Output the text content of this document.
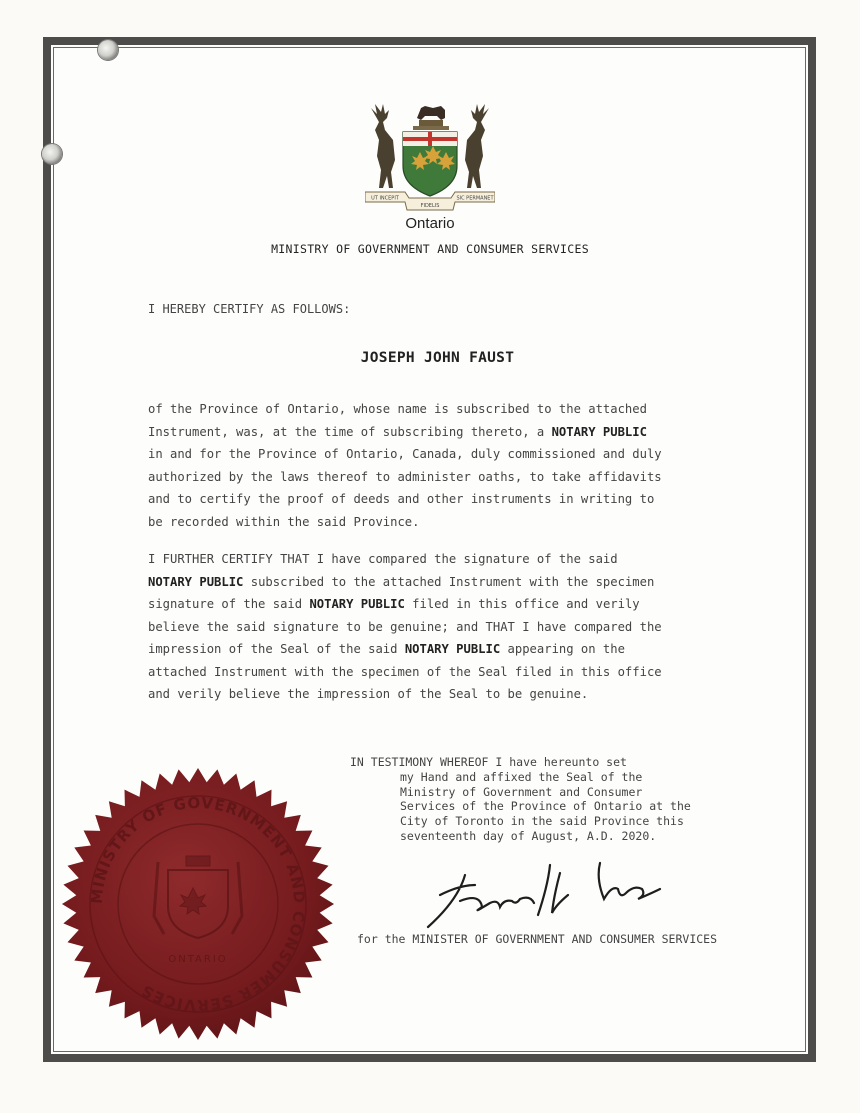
UT INCEPIT
FIDELIS
SIC PERMANET
Ontario
MINISTRY OF GOVERNMENT AND CONSUMER SERVICES
I HEREBY CERTIFY AS FOLLOWS:
JOSEPH JOHN FAUST
of the Province of Ontario, whose name is subscribed to the attached
Instrument, was, at the time of subscribing thereto, a NOTARY PUBLIC
in and for the Province of Ontario, Canada, duly commissioned and duly
authorized by the laws thereof to administer oaths, to take affidavits
and to certify the proof of deeds and other instruments in writing to
be recorded within the said Province.
I FURTHER CERTIFY THAT I have compared the signature of the said
NOTARY PUBLIC subscribed to the attached Instrument with the specimen
signature of the said NOTARY PUBLIC filed in this office and verily
believe the said signature to be genuine; and THAT I have compared the
impression of the Seal of the said NOTARY PUBLIC appearing on the
attached Instrument with the specimen of the Seal filed in this office
and verily believe the impression of the Seal to be genuine.
IN TESTIMONY WHEREOF I have hereunto set
my Hand and affixed the Seal of the
Ministry of Government and Consumer
Services of the Province of Ontario at the
City of Toronto in the said Province this
seventeenth day of August, A.D. 2020.
for the MINISTER OF GOVERNMENT AND CONSUMER SERVICES
MINISTRY OF GOVERNMENT AND CONSUMER SERVICES
ONTARIO
